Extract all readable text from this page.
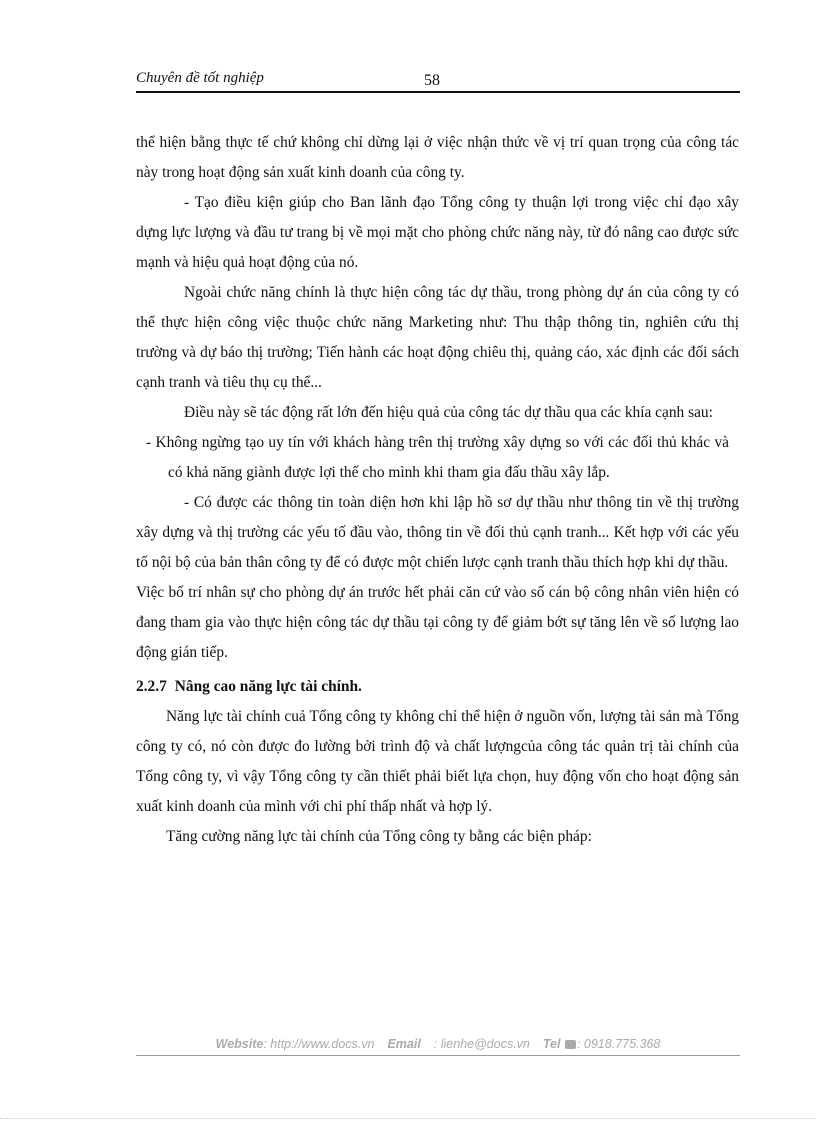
Chuyên đề tốt nghiệp	58

thể hiện bằng thực tế chứ không chỉ dừng lại ở việc nhận thức về vị trí quan trọng của công tác này trong hoạt động sản xuất kinh doanh của công ty.

- Tạo điều kiện giúp cho Ban lãnh đạo Tổng công ty thuận lợi trong việc chỉ đạo xây dựng lực lượng và đầu tư trang bị về mọi mặt cho phòng chức năng này, từ đó nâng cao được sức mạnh và hiệu quả hoạt động của nó.

Ngoài chức năng chính là thực hiện công tác dự thầu, trong phòng dự án của công ty có thể thực hiện công việc thuộc chức năng Marketing như: Thu thập thông tin, nghiên cứu thị trường và dự báo thị trường; Tiến hành các hoạt động chiêu thị, quảng cáo, xác định các đối sách cạnh tranh và tiêu thụ cụ thể...

Điều này sẽ tác động rất lớn đến hiệu quả của công tác dự thầu qua các khía cạnh sau:

- Không ngừng tạo uy tín với khách hàng trên thị trường xây dựng so với các đối thủ khác và có khả năng giành được lợi thế cho mình khi tham gia đấu thầu xây lắp.

- Có được các thông tin toàn diện hơn khi lập hồ sơ dự thầu như thông tin về thị trường xây dựng và thị trường các yếu tố đầu vào, thông tin về đối thủ cạnh tranh... Kết hợp với các yếu tố nội bộ của bản thân công ty để có được một chiến lược cạnh tranh thầu thích hợp khi dự thầu.

Việc bố trí nhân sự cho phòng dự án trước hết phải căn cứ vào số cán bộ công nhân viên hiện có đang tham gia vào thực hiện công tác dự thầu tại công ty để giảm bớt sự tăng lên về số lượng lao động gián tiếp.

2.2.7 Nâng cao năng lực tài chính.

Năng lực tài chính cuả Tổng công ty không chỉ thể hiện ở nguồn vốn, lượng tài sản mà Tổng công ty có, nó còn được đo lường bởi trình độ và chất lượngcủa công tác quản trị tài chính của Tổng công ty, vì vậy Tổng công ty cần thiết phải biết lựa chọn, huy động vốn cho hoạt động sản xuất kinh doanh của mình với chi phí thấp nhất và hợp lý.

Tăng cường năng lực tài chính của Tổng công ty bằng các biện pháp:

Website: http://www.docs.vn Email : lienhe@docs.vn Tel : 0918.775.368
